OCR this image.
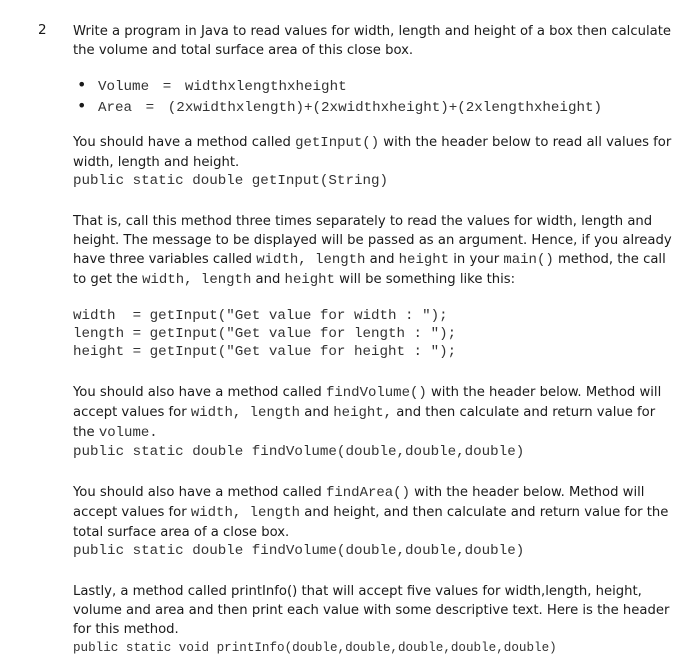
2 Write a program in Java to read values for width, length and height of a box then calculate the volume and total surface area of this close box.

• Volume = widthxlengthxheight
• Area = (2xwidthxlength)+(2xwidthxheight)+(2xlengthxheight)

You should have a method called getInput() with the header below to read all values for width, length and height.

public static double getInput(String)

That is, call this method three times separately to read the values for width, length and height. The message to be displayed will be passed as an argument. Hence, if you already have three variables called width, length and height in your main() method, the call to get the width, length and height will be something like this:

width  = getInput("Get value for width : ");

length = getInput("Get value for length : ");

height = getInput("Get value for height : ");

You should also have a method called findVolume() with the header below. Method will accept values for width, length and height, and then calculate and return value for the volume.

public static double findVolume(double,double,double)

You should also have a method called findArea() with the header below. Method will accept values for width, length and height, and then calculate and return value for the total surface area of a close box.

public static double findVolume(double,double,double)

Lastly, a method called printInfo() that will accept five values for width,length, height, volume and area and then print each value with some descriptive text. Here is the header for this method.

public static void printInfo(double,double,double,double,double)
